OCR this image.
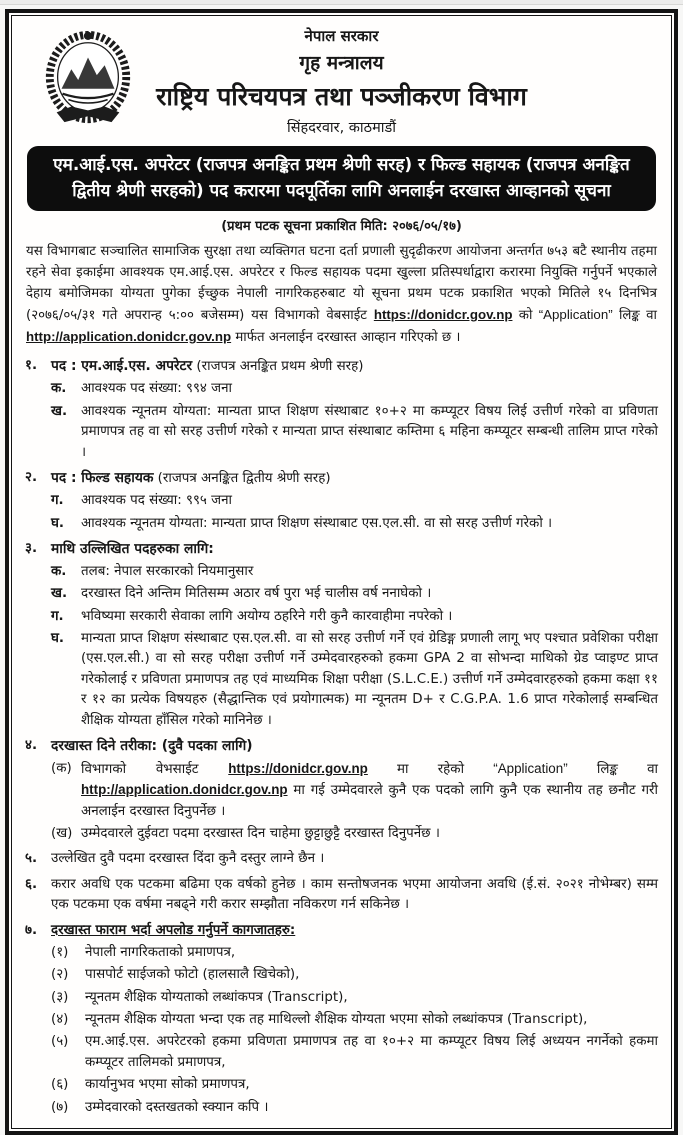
नेपाल सरकार
गृह मन्त्रालय
राष्ट्रिय परिचयपत्र तथा पञ्जीकरण विभाग
सिंहदरवार, काठमाडौं
एम.आई.एस. अपरेटर (राजपत्र अनङ्कित प्रथम श्रेणी सरह) र फिल्ड सहायक (राजपत्र अनङ्कित द्वितीय श्रेणी सरहको) पद करारमा पदपूर्तिका लागि अनलाईन दरखास्त आव्हानको सूचना
(प्रथम पटक सूचना प्रकाशित मिति: २०७६/०५/१७)

यस विभागबाट सञ्चालित सामाजिक सुरक्षा तथा व्यक्तिगत घटना दर्ता प्रणाली सुदृढीकरण आयोजना अन्तर्गत ७५३ बटै स्थानीय तहमा रहने सेवा इकाईमा आवश्यक एम.आई.एस. अपरेटर र फिल्ड सहायक पदमा खुल्ला प्रतिस्पर्धाद्वारा करारमा नियुक्ति गर्नुपर्ने भएकाले देहाय बमोजिमका योग्यता पुगेका ईच्छुक नेपाली नागरिकहरुबाट यो सूचना प्रथम पटक प्रकाशित भएको मितिले १५ दिनभित्र (२०७६/०५/३१ गते अपरान्ह ५:०० बजेसम्म) यस विभागको वेबसाईट https://donidcr.gov.np को “Application” लिङ्क वा http://application.donidcr.gov.np मार्फत अनलाईन दरखास्त आव्हान गरिएको छ ।

१.	पद : एम.आई.एस. अपरेटर (राजपत्र अनङ्कित प्रथम श्रेणी सरह)
क.	आवश्यक पद संख्या: ९९४ जना
ख.	आवश्यक न्यूनतम योग्यता: मान्यता प्राप्त शिक्षण संस्थाबाट १०+२ मा कम्प्यूटर विषय लिई उत्तीर्ण गरेको वा प्रविणता प्रमाणपत्र तह वा सो सरह उत्तीर्ण गरेको र मान्यता प्राप्त संस्थाबाट कम्तिमा ६ महिना कम्प्यूटर सम्बन्धी तालिम प्राप्त गरेको ।
२.	पद : फिल्ड सहायक (राजपत्र अनङ्कित द्वितीय श्रेणी सरह)
ग.	आवश्यक पद संख्या: ९९५ जना
घ.	आवश्यक न्यूनतम योग्यता: मान्यता प्राप्त शिक्षण संस्थाबाट एस.एल.सी. वा सो सरह उत्तीर्ण गरेको ।
३.	माथि उल्लिखित पदहरुका लागि:
क.	तलब: नेपाल सरकारको नियमानुसार
ख.	दरखास्त दिने अन्तिम मितिसम्म अठार वर्ष पुरा भई चालीस वर्ष ननाघेको ।
ग.	भविष्यमा सरकारी सेवाका लागि अयोग्य ठहरिने गरी कुनै कारवाहीमा नपरेको ।
घ.	मान्यता प्राप्त शिक्षण संस्थाबाट एस.एल.सी. वा सो सरह उत्तीर्ण गर्ने एवं ग्रेडिङ्ग प्रणाली लागू भए पश्चात प्रवेशिका परीक्षा (एस.एल.सी.) वा सो सरह परीक्षा उत्तीर्ण गर्ने उम्मेदवारहरुको हकमा GPA 2 वा सोभन्दा माथिको ग्रेड प्वाइण्ट प्राप्त गरेकोलाई र प्रविणता प्रमाणपत्र तह एवं माध्यमिक शिक्षा परीक्षा (S.L.C.E.) उत्तीर्ण गर्ने उम्मेदवारहरुको हकमा कक्षा ११ र १२ का प्रत्येक विषयहरु (सैद्धान्तिक एवं प्रयोगात्मक) मा न्यूनतम D+ र C.G.P.A. 1.6 प्राप्त गरेकोलाई सम्बन्धित शैक्षिक योग्यता हाँसिल गरेको मानिनेछ ।
४.	दरखास्त दिने तरीका: (दुवै पदका लागि)
(क) विभागको वेभसाईट https://donidcr.gov.np मा रहेको “Application” लिङ्क वा http://application.donidcr.gov.np मा गई उम्मेदवारले कुनै एक पदको लागि कुनै एक स्थानीय तह छनौट गरी अनलाईन दरखास्त दिनुपर्नेछ ।
(ख) उम्मेदवारले दुईवटा पदमा दरखास्त दिन चाहेमा छुट्टाछुट्टै दरखास्त दिनुपर्नेछ ।
५.	उल्लेखित दुवै पदमा दरखास्त दिंदा कुनै दस्तुर लाग्ने छैन ।
६.	करार अवधि एक पटकमा बढिमा एक वर्षको हुनेछ । काम सन्तोषजनक भएमा आयोजना अवधि (ई.सं. २०२१ नोभेम्बर) सम्म एक पटकमा एक वर्षमा नबढ्ने गरी करार सम्झौता नविकरण गर्न सकिनेछ ।
७.	दरखास्त फाराम भर्दा अपलोड गर्नुपर्ने कागजातहरु:
(१)	नेपाली नागरिकताको प्रमाणपत्र,
(२)	पासपोर्ट साईजको फोटो (हालसालै खिचेको),
(३)	न्यूनतम शैक्षिक योग्यताको लब्धांकपत्र (Transcript),
(४)	न्यूनतम शैक्षिक योग्यता भन्दा एक तह माथिल्लो शैक्षिक योग्यता भएमा सोको लब्धांकपत्र (Transcript),
(५)	एम.आई.एस. अपरेटरको हकमा प्रविणता प्रमाणपत्र तह वा १०+२ मा कम्प्यूटर विषय लिई अध्ययन नगर्नेको हकमा कम्प्यूटर तालिमको प्रमाणपत्र,
(६)	कार्यानुभव भएमा सोको प्रमाणपत्र,
(७)	उम्मेदवारको दस्तखतको स्क्यान कपि ।
